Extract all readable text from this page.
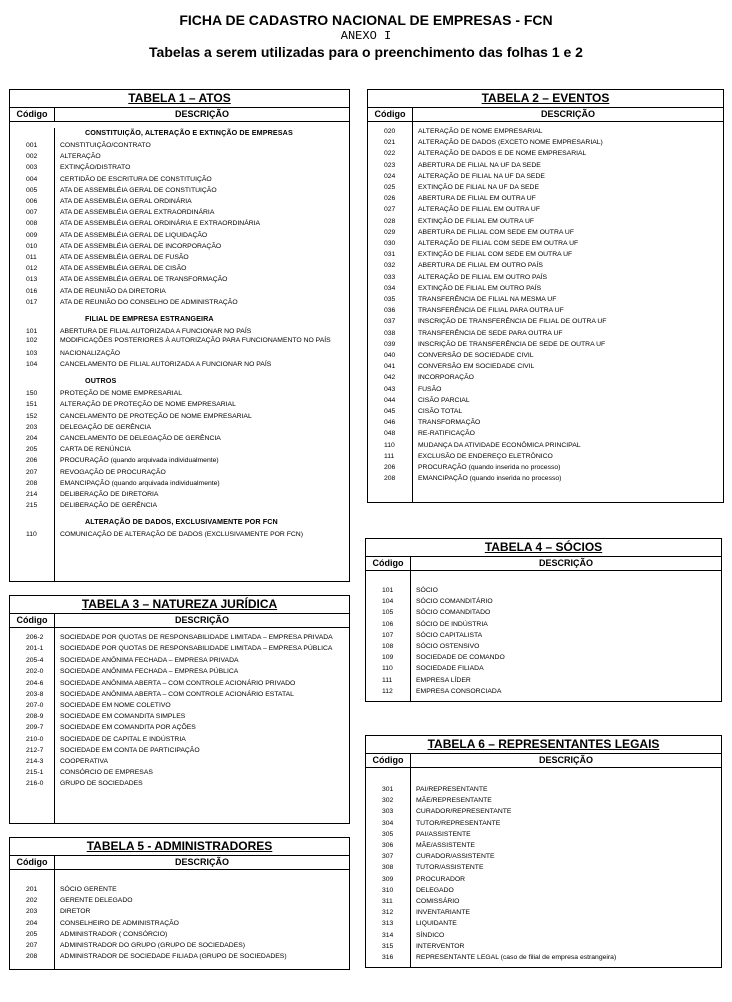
FICHA DE CADASTRO NACIONAL DE EMPRESAS - FCN
ANEXO I
Tabelas a serem utilizadas para o preenchimento das folhas 1 e 2
TABELA 1 – ATOS
Código	DESCRIÇÃO
CONSTITUIÇÃO, ALTERAÇÃO E EXTINÇÃO DE EMPRESAS
001	CONSTITUIÇÃO/CONTRATO
002	ALTERAÇÃO
003	EXTINÇÃO/DISTRATO
004	CERTIDÃO DE ESCRITURA DE CONSTITUIÇÃO
005	ATA DE ASSEMBLÉIA GERAL DE CONSTITUIÇÃO
006	ATA DE ASSEMBLÉIA GERAL ORDINÁRIA
007	ATA DE ASSEMBLÉIA GERAL EXTRAORDINÁRIA
008	ATA DE ASSEMBLÉIA GERAL ORDINÁRIA E EXTRAORDINÁRIA
009	ATA DE ASSEMBLÉIA GERAL DE LIQUIDAÇÃO
010	ATA DE ASSEMBLÉIA GERAL DE INCORPORAÇÃO
011	ATA DE ASSEMBLÉIA GERAL DE FUSÃO
012	ATA DE ASSEMBLÉIA GERAL DE CISÃO
013	ATA DE ASSEMBLÉIA GERAL DE TRANSFORMAÇÃO
016	ATA DE REUNIÃO DA DIRETORIA
017	ATA DE REUNIÃO DO CONSELHO DE ADMINISTRAÇÃO
FILIAL DE EMPRESA ESTRANGEIRA
101	ABERTURA DE FILIAL AUTORIZADA A FUNCIONAR NO PAÍS
102	MODIFICAÇÕES POSTERIORES À AUTORIZAÇÃO PARA FUNCIONAMENTO NO PAÍS
103	NACIONALIZAÇÃO
104	CANCELAMENTO DE FILIAL AUTORIZADA A FUNCIONAR NO PAÍS
OUTROS
150	PROTEÇÃO DE NOME EMPRESARIAL
151	ALTERAÇÃO DE PROTEÇÃO DE NOME EMPRESARIAL
152	CANCELAMENTO DE PROTEÇÃO DE NOME EMPRESARIAL
203	DELEGAÇÃO DE GERÊNCIA
204	CANCELAMENTO DE DELEGAÇÃO DE GERÊNCIA
205	CARTA DE RENÚNCIA
206	PROCURAÇÃO (quando arquivada individualmente)
207	REVOGAÇÃO DE PROCURAÇÃO
208	EMANCIPAÇÃO (quando arquivada individualmente)
214	DELIBERAÇÃO DE DIRETORIA
215	DELIBERAÇÃO DE GERÊNCIA
ALTERAÇÃO DE DADOS, EXCLUSIVAMENTE POR FCN
110	COMUNICAÇÃO DE ALTERAÇÃO DE DADOS (EXCLUSIVAMENTE POR FCN)
TABELA 2 – EVENTOS
Código	DESCRIÇÃO
020	ALTERAÇÃO DE NOME EMPRESARIAL
021	ALTERAÇÃO DE DADOS (EXCETO NOME EMPRESARIAL)
022	ALTERAÇÃO DE DADOS E DE NOME EMPRESARIAL
023	ABERTURA DE FILIAL NA UF DA SEDE
024	ALTERAÇÃO DE FILIAL NA UF DA SEDE
025	EXTINÇÃO DE FILIAL NA UF DA SEDE
026	ABERTURA DE FILIAL EM OUTRA UF
027	ALTERAÇÃO DE FILIAL EM OUTRA UF
028	EXTINÇÃO DE FILIAL EM OUTRA UF
029	ABERTURA DE FILIAL COM SEDE EM OUTRA UF
030	ALTERAÇÃO DE FILIAL COM SEDE EM OUTRA UF
031	EXTINÇÃO DE FILIAL COM SEDE EM OUTRA UF
032	ABERTURA DE FILIAL EM OUTRO PAÍS
033	ALTERAÇÃO DE FILIAL EM OUTRO PAÍS
034	EXTINÇÃO DE FILIAL EM OUTRO PAÍS
035	TRANSFERÊNCIA DE FILIAL NA MESMA UF
036	TRANSFERÊNCIA DE FILIAL PARA OUTRA UF
037	INSCRIÇÃO DE TRANSFERÊNCIA DE FILIAL DE OUTRA UF
038	TRANSFERÊNCIA DE SEDE PARA OUTRA UF
039	INSCRIÇÃO DE TRANSFERÊNCIA DE SEDE DE OUTRA UF
040	CONVERSÃO DE SOCIEDADE CIVIL
041	CONVERSÃO EM SOCIEDADE CIVIL
042	INCORPORAÇÃO
043	FUSÃO
044	CISÃO PARCIAL
045	CISÃO TOTAL
046	TRANSFORMAÇÃO
048	RE-RATIFICAÇÃO
110	MUDANÇA DA ATIVIDADE ECONÔMICA PRINCIPAL
111	EXCLUSÃO DE ENDEREÇO ELETRÔNICO
206	PROCURAÇÃO (quando inserida no processo)
208	EMANCIPAÇÃO (quando inserida no processo)
TABELA 3 – NATUREZA JURÍDICA
Código	DESCRIÇÃO
206-2	SOCIEDADE POR QUOTAS DE RESPONSABILIDADE LIMITADA – EMPRESA PRIVADA
201-1	SOCIEDADE POR QUOTAS DE RESPONSABILIDADE LIMITADA – EMPRESA PÚBLICA
205-4	SOCIEDADE ANÔNIMA FECHADA – EMPRESA PRIVADA
202-0	SOCIEDADE ANÔNIMA FECHADA – EMPRESA PÚBLICA
204-6	SOCIEDADE ANÔNIMA ABERTA – COM CONTROLE ACIONÁRIO PRIVADO
203-8	SOCIEDADE ANÔNIMA ABERTA – COM CONTROLE ACIONÁRIO ESTATAL
207-0	SOCIEDADE EM NOME COLETIVO
208-9	SOCIEDADE EM COMANDITA SIMPLES
209-7	SOCIEDADE EM COMANDITA POR AÇÕES
210-0	SOCIEDADE DE CAPITAL E INDÚSTRIA
212-7	SOCIEDADE EM CONTA DE PARTICIPAÇÃO
214-3	COOPERATIVA
215-1	CONSÓRCIO DE EMPRESAS
216-0	GRUPO DE SOCIEDADES
TABELA 4 – SÓCIOS
Código	DESCRIÇÃO
101	SÓCIO
104	SÓCIO COMANDITÁRIO
105	SÓCIO COMANDITADO
106	SÓCIO DE INDÚSTRIA
107	SÓCIO CAPITALISTA
108	SÓCIO OSTENSIVO
109	SOCIEDADE DE COMANDO
110	SOCIEDADE FILIADA
111	EMPRESA LÍDER
112	EMPRESA CONSORCIADA
TABELA 5 - ADMINISTRADORES
Código	DESCRIÇÃO
201	SÓCIO GERENTE
202	GERENTE DELEGADO
203	DIRETOR
204	CONSELHEIRO DE ADMINISTRAÇÃO
205	ADMINISTRADOR ( CONSÓRCIO)
207	ADMINISTRADOR DO GRUPO (GRUPO DE SOCIEDADES)
208	ADMINISTRADOR DE SOCIEDADE FILIADA (GRUPO DE SOCIEDADES)
TABELA 6 – REPRESENTANTES LEGAIS
Código	DESCRIÇÃO
301	PAI/REPRESENTANTE
302	MÃE/REPRESENTANTE
303	CURADOR/REPRESENTANTE
304	TUTOR/REPRESENTANTE
305	PAI/ASSISTENTE
306	MÃE/ASSISTENTE
307	CURADOR/ASSISTENTE
308	TUTOR/ASSISTENTE
309	PROCURADOR
310	DELEGADO
311	COMISSÁRIO
312	INVENTARIANTE
313	LIQUIDANTE
314	SÍNDICO
315	INTERVENTOR
316	REPRESENTANTE LEGAL (caso de filial de empresa estrangeira)
